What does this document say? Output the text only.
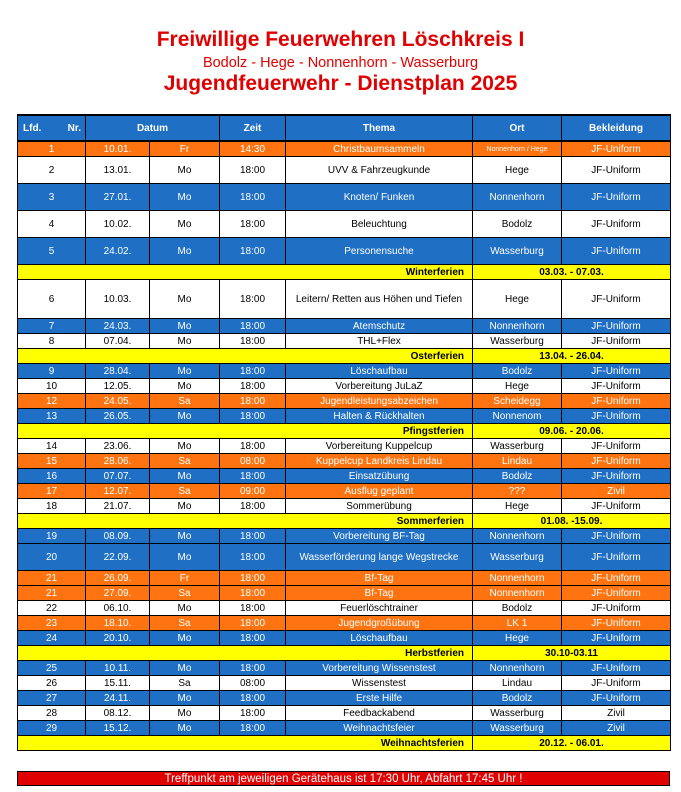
Freiwillige Feuerwehren Löschkreis I
Bodolz - Hege - Nonnenhorn - Wasserburg
Jugendfeuerwehr - Dienstplan 2025
Lfd. Nr.	Datum		Zeit	Thema	Ort	Bekleidung
1	10.01.	Fr	14:30	Christbaumsammeln	Nonnenhorn / Hege	JF-Uniform
2	13.01.	Mo	18:00	UVV & Fahrzeugkunde	Hege	JF-Uniform
3	27.01.	Mo	18:00	Knoten/ Funken	Nonnenhorn	JF-Uniform
4	10.02.	Mo	18:00	Beleuchtung	Bodolz	JF-Uniform
5	24.02.	Mo	18:00	Personensuche	Wasserburg	JF-Uniform
Winterferien					03.03. - 07.03.	
6	10.03.	Mo	18:00	Leitern/ Retten aus Höhen und Tiefen	Hege	JF-Uniform
7	24.03.	Mo	18:00	Atemschutz	Nonnenhorn	JF-Uniform
8	07.04.	Mo	18:00	THL+Flex	Wasserburg	JF-Uniform
Osterferien					13.04. - 26.04.	
9	28.04.	Mo	18:00	Löschaufbau	Bodolz	JF-Uniform
10	12.05.	Mo	18:00	Vorbereitung JuLaZ	Hege	JF-Uniform
12	24.05.	Sa	18:00	Jugendleistungsabzeichen	Scheidegg	JF-Uniform
13	26.05.	Mo	18:00	Halten & Rückhalten	Nonnenom	JF-Uniform
Pfingstferien					09.06. - 20.06.	
14	23.06.	Mo	18:00	Vorbereitung Kuppelcup	Wasserburg	JF-Uniform
15	28.06.	Sa	08:00	Kuppelcup Landkreis Lindau	Lindau	JF-Uniform
16	07.07.	Mo	18:00	Einsatzübung	Bodolz	JF-Uniform
17	12.07.	Sa	09:00	Ausflug geplant	???	Zivil
18	21.07.	Mo	18:00	Sommerübung	Hege	JF-Uniform
Sommerferien					01.08. -15.09.	
19	08.09.	Mo	18:00	Vorbereitung BF-Tag	Nonnenhorn	JF-Uniform
20	22.09.	Mo	18:00	Wasserförderung lange Wegstrecke	Wasserburg	JF-Uniform
21	26.09.	Fr	18:00	Bf-Tag	Nonnenhorn	JF-Uniform
21	27.09.	Sa	18:00	Bf-Tag	Nonnenhorn	JF-Uniform
22	06.10.	Mo	18:00	Feuerlöschtrainer	Bodolz	JF-Uniform
23	18.10.	Sa	18:00	Jugendgroßübung	LK 1	JF-Uniform
24	20.10.	Mo	18:00	Löschaufbau	Hege	JF-Uniform
Herbstferien					30.10-03.11	
25	10.11.	Mo	18:00	Vorbereitung Wissenstest	Nonnenhorn	JF-Uniform
26	15.11.	Sa	08:00	Wissenstest	Lindau	JF-Uniform
27	24.11.	Mo	18:00	Erste Hilfe	Bodolz	JF-Uniform
28	08.12.	Mo	18:00	Feedbackabend	Wasserburg	Zivil
29	15.12.	Mo	18:00	Weihnachtsfeier	Wasserburg	Zivil
Weihnachtsferien					20.12. - 06.01.	
Treffpunkt am jeweiligen Gerätehaus ist 17:30 Uhr, Abfahrt 17:45 Uhr !
